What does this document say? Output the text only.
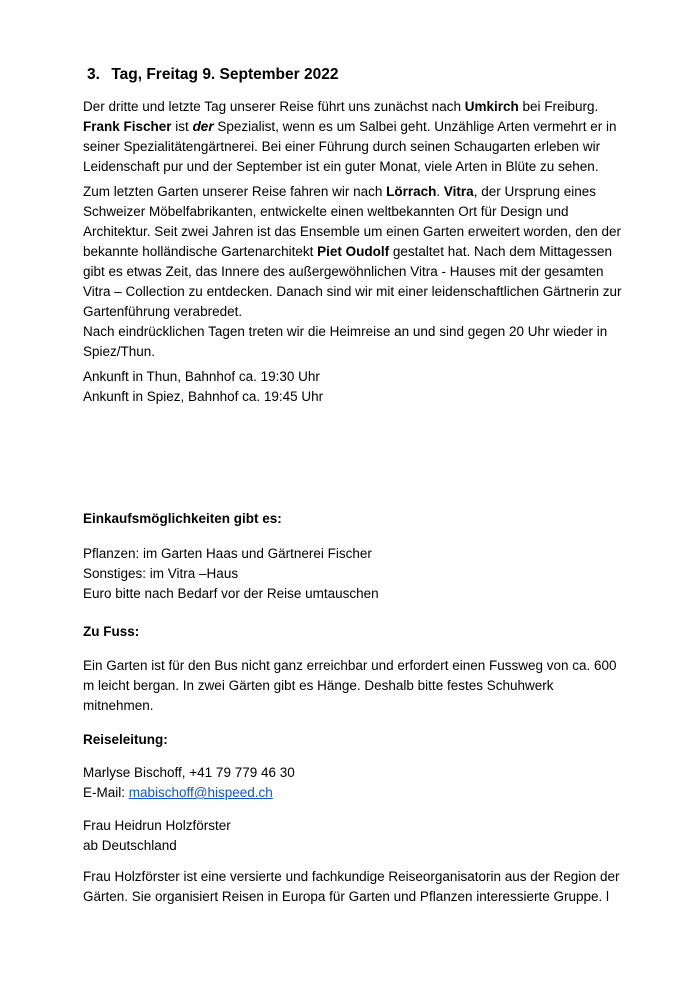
3. Tag, Freitag 9. September 2022

Der dritte und letzte Tag unserer Reise führt uns zunächst nach Umkirch bei Freiburg. Frank Fischer ist der Spezialist, wenn es um Salbei geht. Unzählige Arten vermehrt er in seiner Spezialitätengärtnerei. Bei einer Führung durch seinen Schaugarten erleben wir Leidenschaft pur und der September ist ein guter Monat, viele Arten in Blüte zu sehen.

Zum letzten Garten unserer Reise fahren wir nach Lörrach. Vitra, der Ursprung eines Schweizer Möbelfabrikanten, entwickelte einen weltbekannten Ort für Design und Architektur. Seit zwei Jahren ist das Ensemble um einen Garten erweitert worden, den der bekannte holländische Gartenarchitekt Piet Oudolf gestaltet hat. Nach dem Mittagessen gibt es etwas Zeit, das Innere des außergewöhnlichen Vitra - Hauses mit der gesamten Vitra – Collection zu entdecken. Danach sind wir mit einer leidenschaftlichen Gärtnerin zur Gartenführung verabredet.

Nach eindrücklichen Tagen treten wir die Heimreise an und sind gegen 20 Uhr wieder in Spiez/Thun.

Ankunft in Thun, Bahnhof ca. 19:30 Uhr
Ankunft in Spiez, Bahnhof ca. 19:45 Uhr

Einkaufsmöglichkeiten gibt es:

Pflanzen: im Garten Haas und Gärtnerei Fischer
Sonstiges: im Vitra –Haus
Euro bitte nach Bedarf vor der Reise umtauschen

Zu Fuss:

Ein Garten ist für den Bus nicht ganz erreichbar und erfordert einen Fussweg von ca. 600 m leicht bergan. In zwei Gärten gibt es Hänge. Deshalb bitte festes Schuhwerk mitnehmen.

Reiseleitung:

Marlyse Bischoff, +41 79 779 46 30
E-Mail: mabischoff@hispeed.ch
Frau Heidrun Holzförster
ab Deutschland

Frau Holzförster ist eine versierte und fachkundige Reiseorganisatorin aus der Region der Gärten. Sie organisiert Reisen in Europa für Garten und Pflanzen interessierte Gruppe. l
